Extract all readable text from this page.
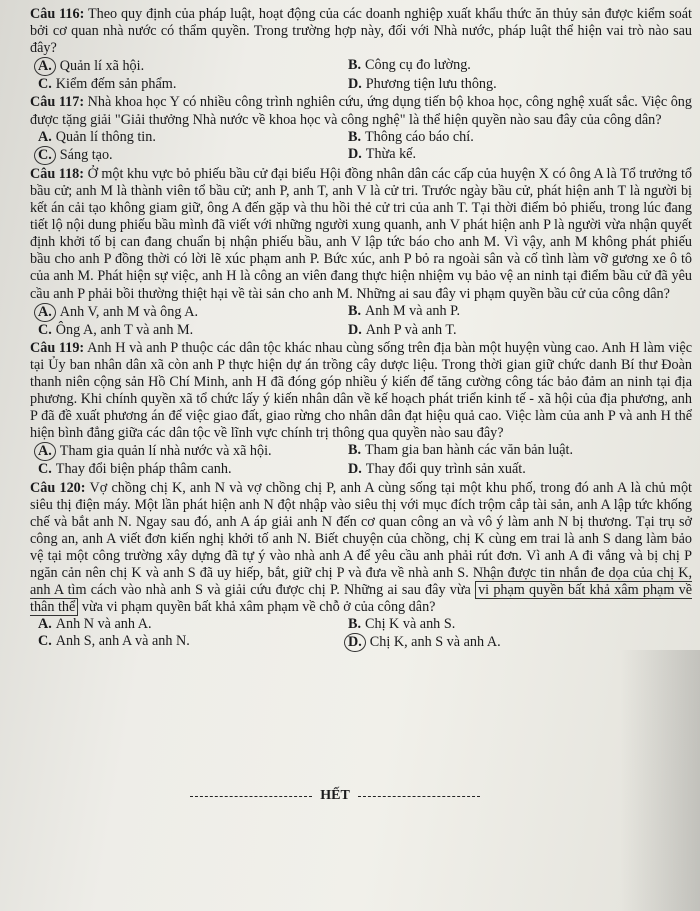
Câu 116: Theo quy định của pháp luật, hoạt động của các doanh nghiệp xuất khẩu thức ăn thủy sản được kiểm soát bởi cơ quan nhà nước có thẩm quyền. Trong trường hợp này, đối với Nhà nước, pháp luật thể hiện vai trò nào sau đây?

A. Quản lí xã hội.	B. Công cụ đo lường.
C. Kiểm đếm sản phẩm.	D. Phương tiện lưu thông.

Câu 117: Nhà khoa học Y có nhiều công trình nghiên cứu, ứng dụng tiến bộ khoa học, công nghệ xuất sắc. Việc ông được tặng giải "Giải thưởng Nhà nước về khoa học và công nghệ" là thể hiện quyền nào sau đây của công dân?

A. Quản lí thông tin.	B. Thông cáo báo chí.
C. Sáng tạo.	D. Thừa kế.

Câu 118: Ở một khu vực bỏ phiếu bầu cử đại biểu Hội đồng nhân dân các cấp của huyện X có ông A là Tổ trưởng tổ bầu cử; anh M là thành viên tổ bầu cử; anh P, anh T, anh V là cử tri. Trước ngày bầu cử, phát hiện anh T là người bị kết án cải tạo không giam giữ, ông A đến gặp và thu hồi thẻ cử tri của anh T. Tại thời điểm bỏ phiếu, trong lúc đang tiết lộ nội dung phiếu bầu mình đã viết với những người xung quanh, anh V phát hiện anh P là người vừa nhận quyết định khởi tố bị can đang chuẩn bị nhận phiếu bầu, anh V lập tức báo cho anh M. Vì vậy, anh M không phát phiếu bầu cho anh P đồng thời có lời lẽ xúc phạm anh P. Bức xúc, anh P bỏ ra ngoài sân và cố tình làm vỡ gương xe ô tô của anh M. Phát hiện sự việc, anh H là công an viên đang thực hiện nhiệm vụ bảo vệ an ninh tại điểm bầu cử đã yêu cầu anh P phải bồi thường thiệt hại về tài sản cho anh M. Những ai sau đây vi phạm quyền bầu cử của công dân?

A. Anh V, anh M và ông A.	B. Anh M và anh P.
C. Ông A, anh T và anh M.	D. Anh P và anh T.

Câu 119: Anh H và anh P thuộc các dân tộc khác nhau cùng sống trên địa bàn một huyện vùng cao. Anh H làm việc tại Ủy ban nhân dân xã còn anh P thực hiện dự án trồng cây dược liệu. Trong thời gian giữ chức danh Bí thư Đoàn thanh niên cộng sản Hồ Chí Minh, anh H đã đóng góp nhiều ý kiến để tăng cường công tác bảo đảm an ninh tại địa phương. Khi chính quyền xã tổ chức lấy ý kiến nhân dân về kế hoạch phát triển kinh tế - xã hội của địa phương, anh P đã đề xuất phương án để việc giao đất, giao rừng cho nhân dân đạt hiệu quả cao. Việc làm của anh P và anh H thể hiện bình đẳng giữa các dân tộc về lĩnh vực chính trị thông qua quyền nào sau đây?

A. Tham gia quản lí nhà nước và xã hội.	B. Tham gia ban hành các văn bản luật.
C. Thay đổi biện pháp thâm canh.	D. Thay đổi quy trình sản xuất.

Câu 120: Vợ chồng chị K, anh N và vợ chồng chị P, anh A cùng sống tại một khu phố, trong đó anh A là chủ một siêu thị điện máy. Một lần phát hiện anh N đột nhập vào siêu thị với mục đích trộm cắp tài sản, anh A lập tức khống chế và bắt anh N. Ngay sau đó, anh A áp giải anh N đến cơ quan công an và vô ý làm anh N bị thương. Tại trụ sở công an, anh A viết đơn kiến nghị khởi tố anh N. Biết chuyện của chồng, chị K cùng em trai là anh S dang làm bảo vệ tại một công trường xây dựng đã tự ý vào nhà anh A để yêu cầu anh phải rút đơn. Vì anh A đi vắng và bị chị P ngăn cản nên chị K và anh S đã uy hiếp, bắt, giữ chị P và đưa về nhà anh S. Nhận được tin nhắn đe dọa của chị K, anh A tìm cách vào nhà anh S và giải cứu được chị P. Những ai sau đây vừa vi phạm quyền bất khả xâm phạm về thân thể vừa vi phạm quyền bất khả xâm phạm về chỗ ở của công dân?

A. Anh N và anh A.	B. Chị K và anh S.
C. Anh S, anh A và anh N.	D. Chị K, anh S và anh A.
HẾT
